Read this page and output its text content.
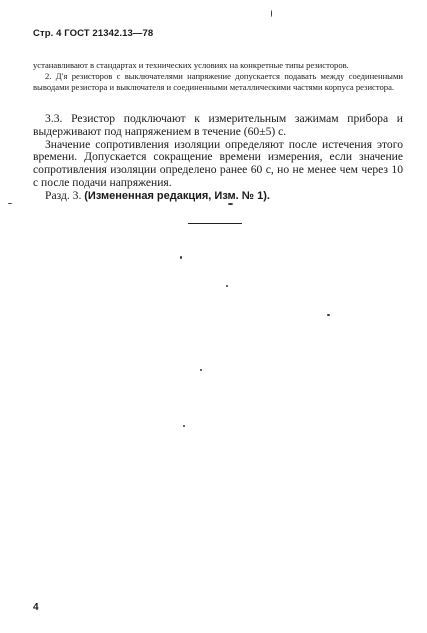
Стр. 4 ГОСТ 21342.13—78

устанавливают в стандартах и технических условиях на конкретные типы резисторов.

2. Д′я резисторов с выключателями напряжение допускается подавать между соединенными выводами резистора и выключателя и соединенными металлическими частями корпуса резистора.

3.3. Резистор подключают к измерительным зажимам прибора и выдерживают под напряжением в течение (60±5) с.

Значение сопротивления изоляции определяют после истечения этого времени. Допускается сокращение времени измерения, если значение сопротивления изоляции определено ранее 60 с, но не менее чем через 10 с после подачи напряжения.

Разд. 3. (Измененная редакция, Изм. № 1).

4
